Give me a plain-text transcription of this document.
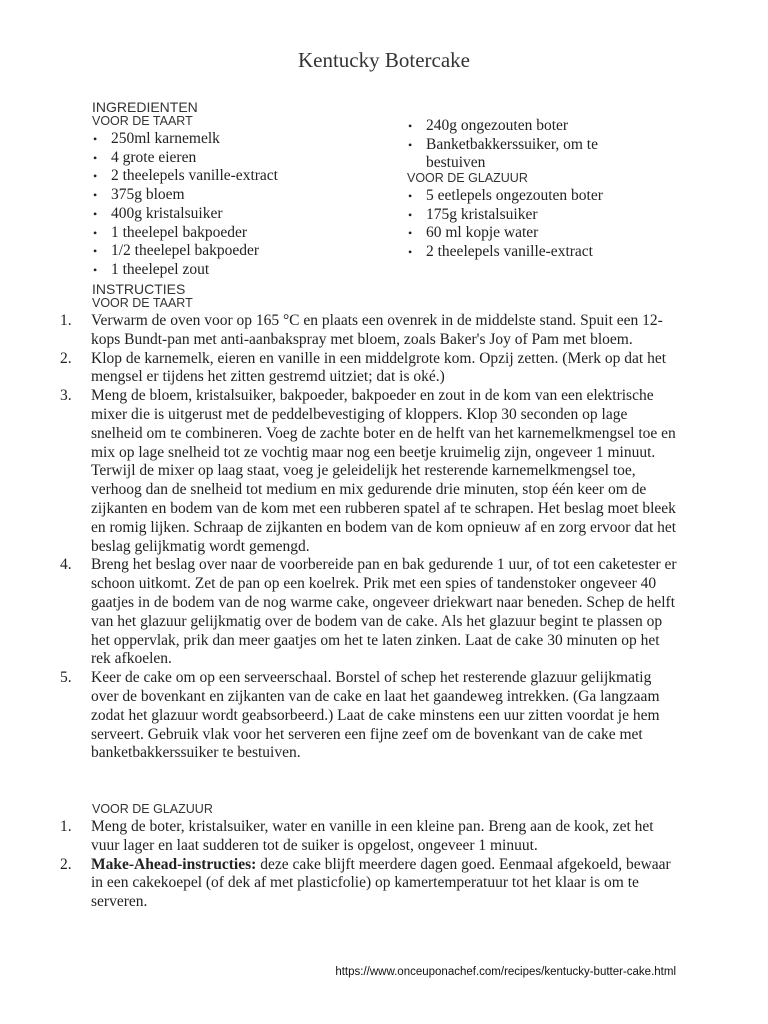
Kentucky Botercake
INGREDIENTEN
VOOR DE TAART
• 250ml karnemelk
• 4 grote eieren
• 2 theelepels vanille-extract
• 375g bloem
• 400g kristalsuiker
• 1 theelepel bakpoeder
• 1/2 theelepel bakpoeder
• 1 theelepel zout
• 240g ongezouten boter
• Banketbakkerssuiker, om te bestuiven
VOOR DE GLAZUUR
• 5 eetlepels ongezouten boter
• 175g kristalsuiker
• 60 ml kopje water
• 2 theelepels vanille-extract
INSTRUCTIES
VOOR DE TAART
1.	Verwarm de oven voor op 165 °C en plaats een ovenrek in de middelste stand. Spuit een 12-kops Bundt-pan met anti-aanbakspray met bloem, zoals Baker's Joy of Pam met bloem.
2.	Klop de karnemelk, eieren en vanille in een middelgrote kom. Opzij zetten. (Merk op dat het mengsel er tijdens het zitten gestremd uitziet; dat is oké.)
3.	Meng de bloem, kristalsuiker, bakpoeder, bakpoeder en zout in de kom van een elektrische mixer die is uitgerust met de peddelbevestiging of kloppers. Klop 30 seconden op lage snelheid om te combineren. Voeg de zachte boter en de helft van het karnemelkmengsel toe en mix op lage snelheid tot ze vochtig maar nog een beetje kruimelig zijn, ongeveer 1 minuut. Terwijl de mixer op laag staat, voeg je geleidelijk het resterende karnemelkmengsel toe, verhoog dan de snelheid tot medium en mix gedurende drie minuten, stop één keer om de zijkanten en bodem van de kom met een rubberen spatel af te schrapen. Het beslag moet bleek en romig lijken. Schraap de zijkanten en bodem van de kom opnieuw af en zorg ervoor dat het beslag gelijkmatig wordt gemengd.
4.	Breng het beslag over naar de voorbereide pan en bak gedurende 1 uur, of tot een caketester er schoon uitkomt. Zet de pan op een koelrek. Prik met een spies of tandenstoker ongeveer 40 gaatjes in de bodem van de nog warme cake, ongeveer driekwart naar beneden. Schep de helft van het glazuur gelijkmatig over de bodem van de cake. Als het glazuur begint te plassen op het oppervlak, prik dan meer gaatjes om het te laten zinken. Laat de cake 30 minuten op het rek afkoelen.
5.	Keer de cake om op een serveerschaal. Borstel of schep het resterende glazuur gelijkmatig over de bovenkant en zijkanten van de cake en laat het gaandeweg intrekken. (Ga langzaam zodat het glazuur wordt geabsorbeerd.) Laat de cake minstens een uur zitten voordat je hem serveert. Gebruik vlak voor het serveren een fijne zeef om de bovenkant van de cake met banketbakkerssuiker te bestuiven.
VOOR DE GLAZUUR
1.	Meng de boter, kristalsuiker, water en vanille in een kleine pan. Breng aan de kook, zet het vuur lager en laat sudderen tot de suiker is opgelost, ongeveer 1 minuut.
2.	Make-Ahead-instructies: deze cake blijft meerdere dagen goed. Eenmaal afgekoeld, bewaar in een cakekoepel (of dek af met plasticfolie) op kamertemperatuur tot het klaar is om te serveren.
https://www.onceuponachef.com/recipes/kentucky-butter-cake.html
